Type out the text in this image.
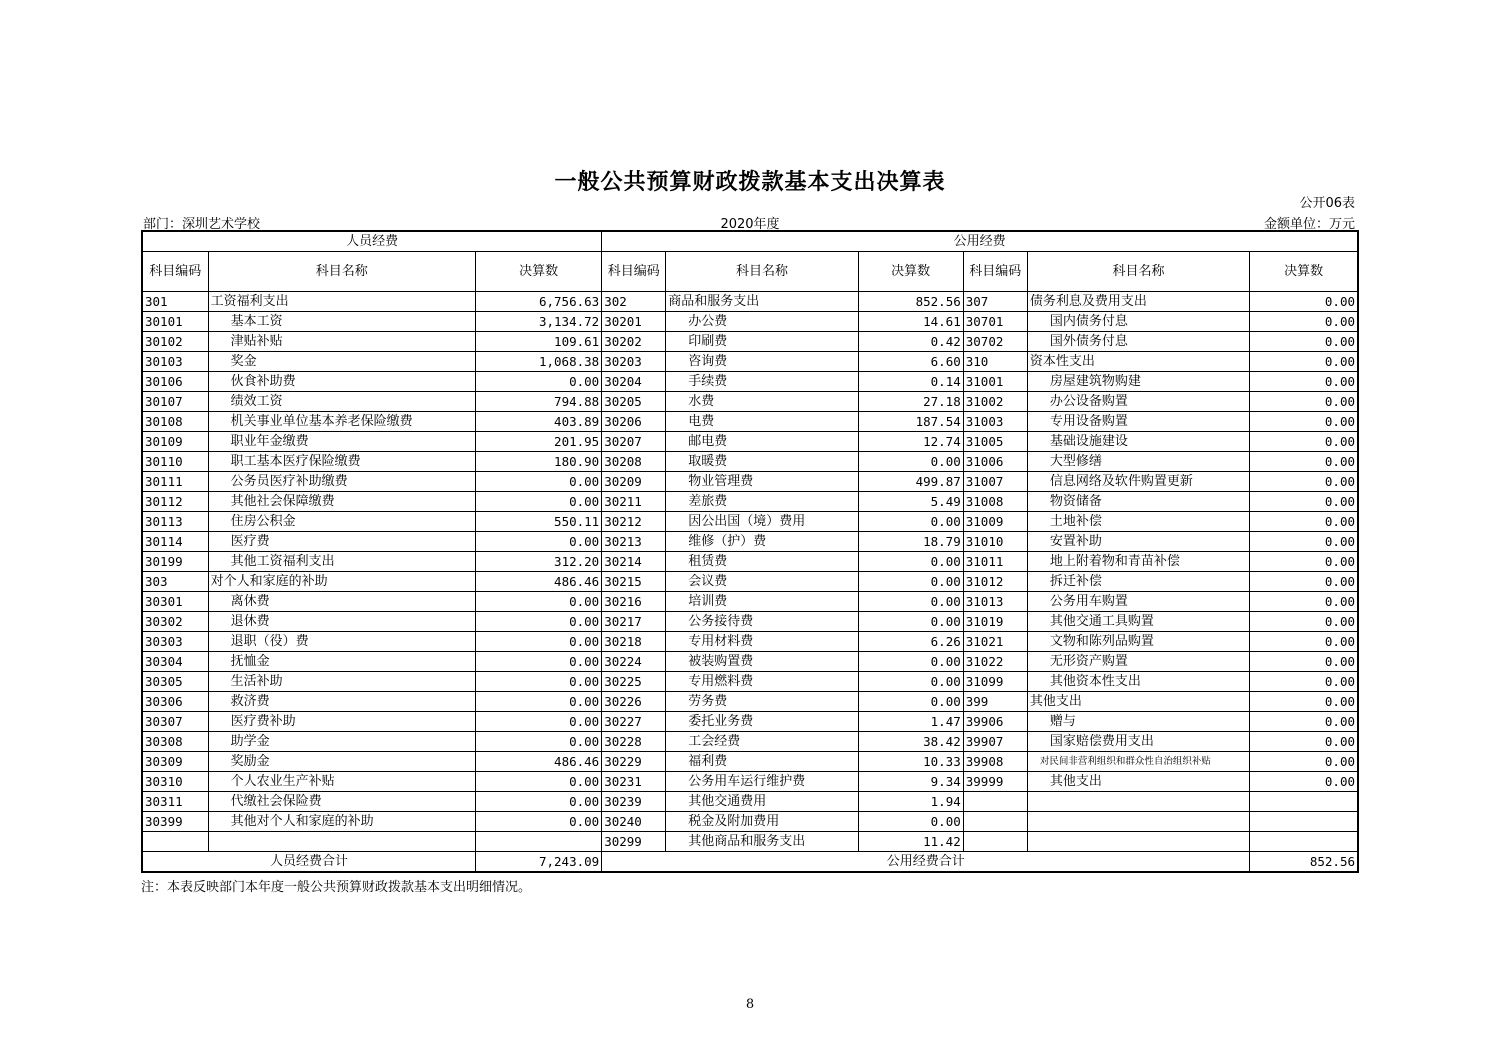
一般公共预算财政拨款基本支出决算表
公开06表
部门：深圳艺术学校	2020年度	金额单位：万元
人员经费			公用经费					
科目编码	科目名称	决算数	科目编码	科目名称	决算数	科目编码	科目名称	决算数
301	工资福利支出	6,756.63	302	商品和服务支出	852.56	307	债务利息及费用支出	0.00
30101	基本工资	3,134.72	30201	办公费	14.61	30701	国内债务付息	0.00
30102	津贴补贴	109.61	30202	印刷费	0.42	30702	国外债务付息	0.00
30103	奖金	1,068.38	30203	咨询费	6.60	310	资本性支出	0.00
30106	伙食补助费	0.00	30204	手续费	0.14	31001	房屋建筑物购建	0.00
30107	绩效工资	794.88	30205	水费	27.18	31002	办公设备购置	0.00
30108	机关事业单位基本养老保险缴费	403.89	30206	电费	187.54	31003	专用设备购置	0.00
30109	职业年金缴费	201.95	30207	邮电费	12.74	31005	基础设施建设	0.00
30110	职工基本医疗保险缴费	180.90	30208	取暖费	0.00	31006	大型修缮	0.00
30111	公务员医疗补助缴费	0.00	30209	物业管理费	499.87	31007	信息网络及软件购置更新	0.00
30112	其他社会保障缴费	0.00	30211	差旅费	5.49	31008	物资储备	0.00
30113	住房公积金	550.11	30212	因公出国（境）费用	0.00	31009	土地补偿	0.00
30114	医疗费	0.00	30213	维修（护）费	18.79	31010	安置补助	0.00
30199	其他工资福利支出	312.20	30214	租赁费	0.00	31011	地上附着物和青苗补偿	0.00
303	对个人和家庭的补助	486.46	30215	会议费	0.00	31012	拆迁补偿	0.00
30301	离休费	0.00	30216	培训费	0.00	31013	公务用车购置	0.00
30302	退休费	0.00	30217	公务接待费	0.00	31019	其他交通工具购置	0.00
30303	退职（役）费	0.00	30218	专用材料费	6.26	31021	文物和陈列品购置	0.00
30304	抚恤金	0.00	30224	被装购置费	0.00	31022	无形资产购置	0.00
30305	生活补助	0.00	30225	专用燃料费	0.00	31099	其他资本性支出	0.00
30306	救济费	0.00	30226	劳务费	0.00	399	其他支出	0.00
30307	医疗费补助	0.00	30227	委托业务费	1.47	39906	赠与	0.00
30308	助学金	0.00	30228	工会经费	38.42	39907	国家赔偿费用支出	0.00
30309	奖励金	486.46	30229	福利费	10.33	39908	对民间非营利组织和群众性自治组织补贴	0.00
30310	个人农业生产补贴	0.00	30231	公务用车运行维护费	9.34	39999	其他支出	0.00
30311	代缴社会保险费	0.00	30239	其他交通费用	1.94			
30399	其他对个人和家庭的补助	0.00	30240	税金及附加费用	0.00			
			30299	其他商品和服务支出	11.42			
人员经费合计		7,243.09	公用经费合计					852.56
注：本表反映部门本年度一般公共预算财政拨款基本支出明细情况。
8
